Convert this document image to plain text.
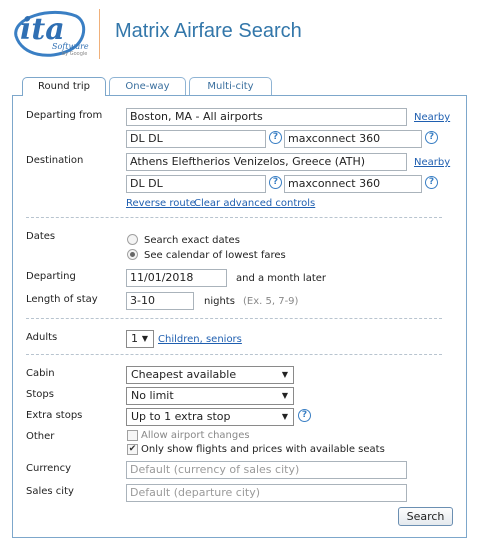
ita
Software
by Google
Matrix Airfare Search
Round trip	One-way	Multi-city
Departing from	Boston, MA - All airports	Nearby
DL DL	? maxconnect 360	?
Destination	Athens Eleftherios Venizelos, Greece (ATH)	Nearby
DL DL	? maxconnect 360	?
Reverse route
Clear advanced controls
Dates	Search exact dates
See calendar of lowest fares
Departing	11/01/2018	and a month later
Length of stay	3-10	nights (Ex. 5, 7-9)
Adults	1 ▼ Children, seniors
Cabin	Cheapest available	▼
Stops	No limit	▼
Extra stops	Up to 1 extra stop	▼	?
Other	Allow airport changes
✔ Only show flights and prices with available seats
Currency	Default (currency of sales city)
Sales city	Default (departure city)
Search
